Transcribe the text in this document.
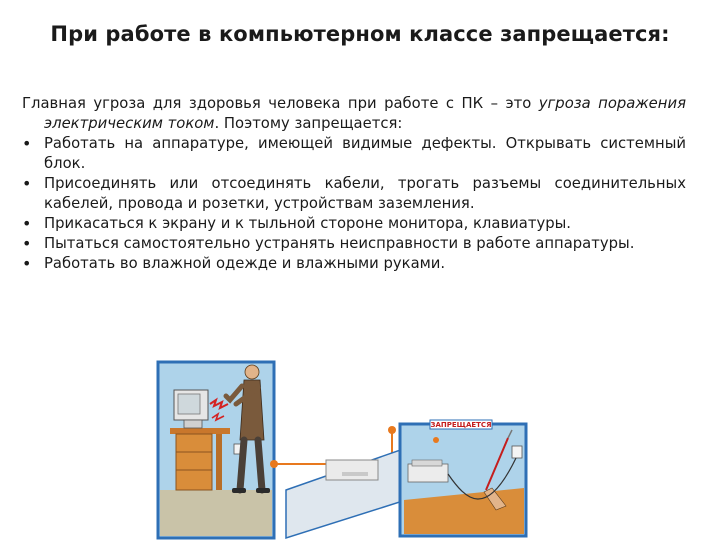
При работе в компьютерном классе запрещается:

Главная угроза для здоровья человека при работе с ПК – это угроза поражения электрическим током. Поэтому запрещается:

• Работать на аппаратуре, имеющей видимые дефекты. Открывать системный блок.
• Присоединять или отсоединять кабели, трогать разъемы соединительных кабелей, провода и розетки, устройствам заземления.
• Прикасаться к экрану и к тыльной стороне монитора, клавиатуры.
• Пытаться самостоятельно устранять неисправности в работе аппаратуры.
• Работать во влажной одежде и влажными руками.
ЗАПРЕЩАЕТСЯ
